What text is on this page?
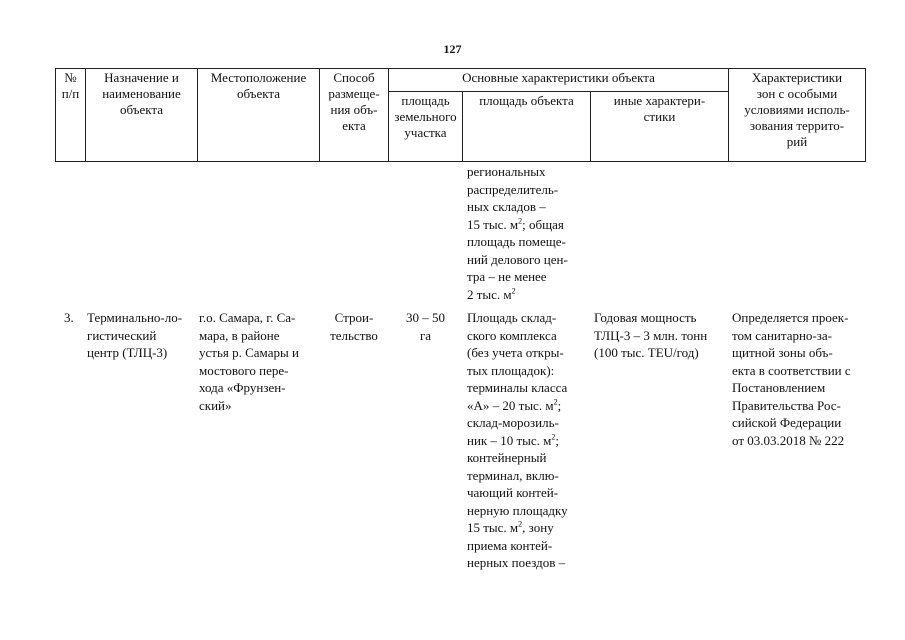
127
№
п/п
Назначение и
наименование
объекта
Местоположение
объекта
Способ
размеще-
ния объ-
екта
Основные характеристики объекта
площадь
земельного
участка
площадь объекта	иные характери-
стики
Характеристики
зон с особыми
условиями исполь-
зования террито-
рий
региональных
распределитель-
ных складов –
15 тыс. $м^2$; общая
площадь помеще-
ний делового цен-
тра – не менее
2 тыс. $м^2$
3.	Терминально-ло-
гистический
центр (ТЛЦ-3)
г.о. Самара, г. Са-
мара, в районе
устья р. Самары и
мостового пере-
хода «Фрунзен-
ский»
Строи-
тельство
30 – 50
га
Площадь склад-
ского комплекса
(без учета откры-
тых площадок):
терминалы класса
«А» – 20 тыс. $м^2$;
склад-морозиль-
ник – 10 тыс. $м^2$;
контейнерный
терминал, вклю-
чающий контей-
нерную площадку
15 тыс. $м^2$, зону
приема контей-
нерных поездов –
Годовая мощность
ТЛЦ-3 – 3 млн. тонн
(100 тыс. TEU/год)
Определяется проек-
том санитарно-за-
щитной зоны объ-
екта в соответствии с
Постановлением
Правительства Рос-
сийской Федерации
от 03.03.2018 № 222
